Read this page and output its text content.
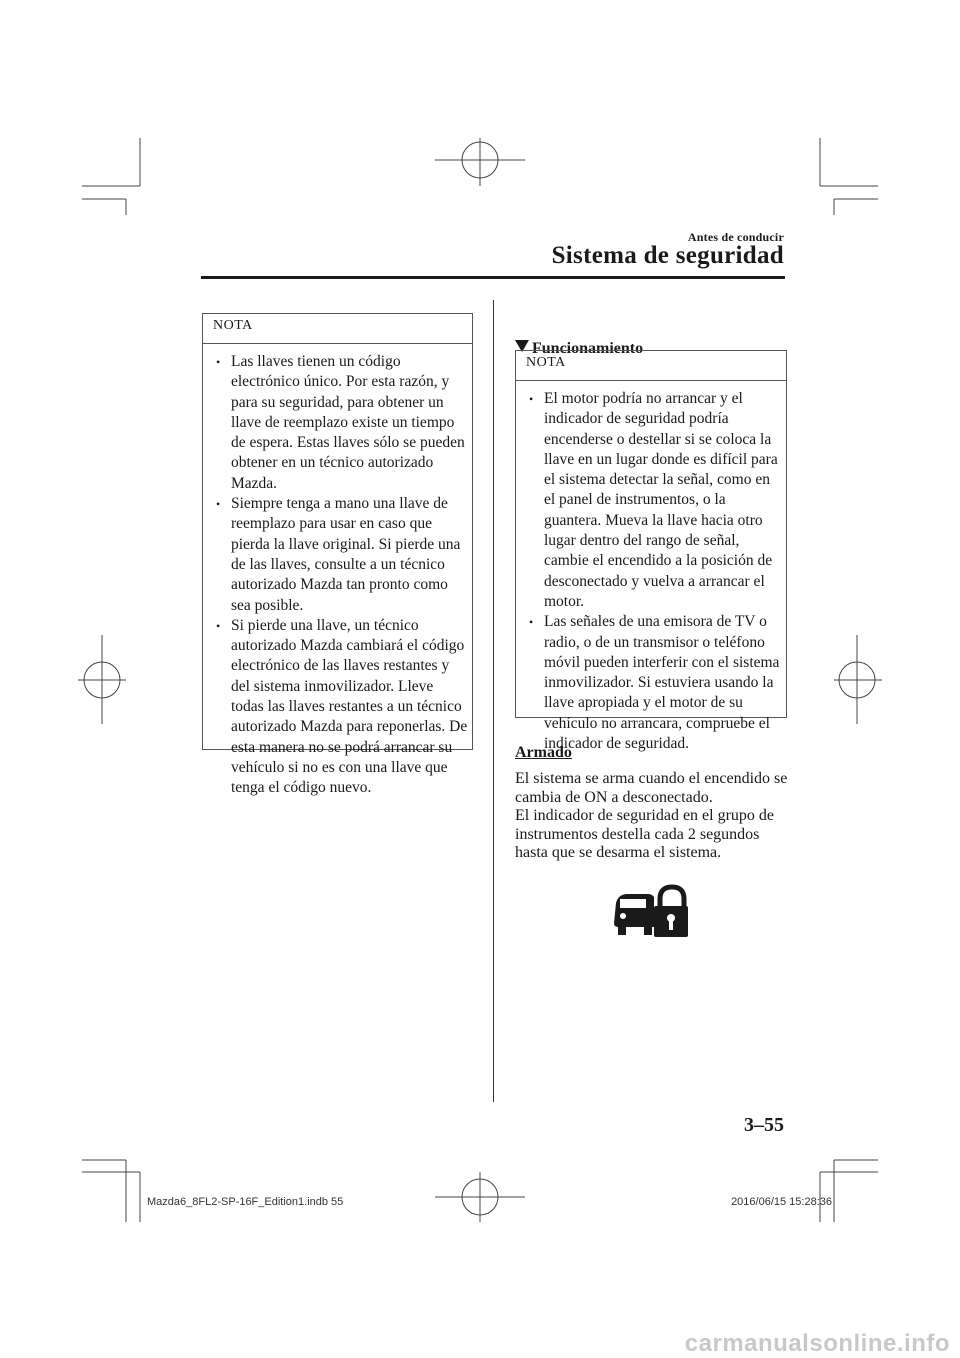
Antes de conducir
Sistema de seguridad
NOTA
• Las llaves tienen un código electrónico único. Por esta razón, y para su seguridad, para obtener un llave de reemplazo existe un tiempo de espera. Estas llaves sólo se pueden obtener en un técnico autorizado Mazda.
• Siempre tenga a mano una llave de reemplazo para usar en caso que pierda la llave original. Si pierde una de las llaves, consulte a un técnico autorizado Mazda tan pronto como sea posible.
• Si pierde una llave, un técnico autorizado Mazda cambiará el código electrónico de las llaves restantes y del sistema inmovilizador. Lleve todas las llaves restantes a un técnico autorizado Mazda para reponerlas. De esta manera no se podrá arrancar su vehículo si no es con una llave que tenga el código nuevo.
Funcionamiento
NOTA
• El motor podría no arrancar y el indicador de seguridad podría encenderse o destellar si se coloca la llave en un lugar donde es difícil para el sistema detectar la señal, como en el panel de instrumentos, o la guantera. Mueva la llave hacia otro lugar dentro del rango de señal, cambie el encendido a la posición de desconectado y vuelva a arrancar el motor.
• Las señales de una emisora de TV o radio, o de un transmisor o teléfono móvil pueden interferir con el sistema inmovilizador. Si estuviera usando la llave apropiada y el motor de su vehículo no arrancara, compruebe el indicador de seguridad.
Armado

El sistema se arma cuando el encendido se cambia de ON a desconectado.

El indicador de seguridad en el grupo de instrumentos destella cada 2 segundos hasta que se desarma el sistema.

3–55
Mazda6_8FL2-SP-16F_Edition1.indb 55	2016/06/15 15:28:36
carmanualsonline.info
